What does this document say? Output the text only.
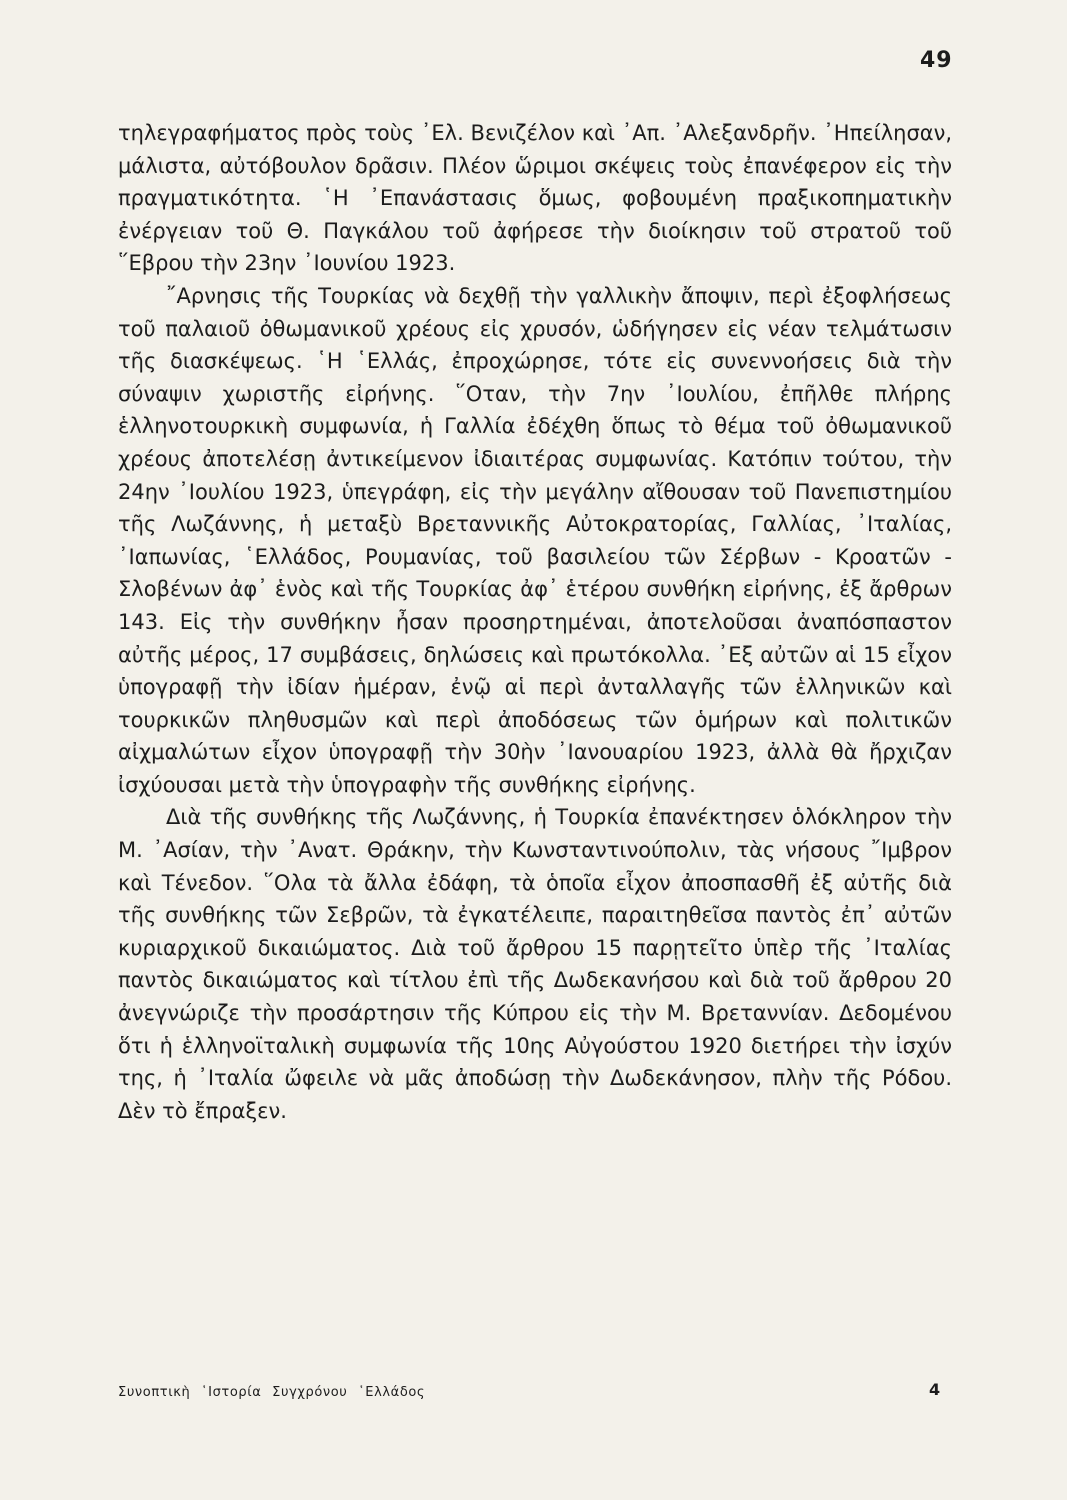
49

τηλεγραφήματος πρὸς τοὺς ᾿Ελ. Βενιζέλον καὶ ᾿Απ. ᾿Αλεξανδρῆν. ᾿Ηπείλησαν, μάλιστα, αὐτόβουλον δρᾶσιν. Πλέον ὥριμοι σκέψεις τοὺς ἐπανέφερον εἰς τὴν πραγματικότητα. ῾Η ᾿Επανάστασις ὅμως, φοβουμένη πραξικοπηματικὴν ἐνέργειαν τοῦ Θ. Παγκάλου τοῦ ἀφήρεσε τὴν διοίκησιν τοῦ στρατοῦ τοῦ ῞Εβρου τὴν 23ην ᾿Ιουνίου 1923.

῎Αρνησις τῆς Τουρκίας νὰ δεχθῇ τὴν γαλλικὴν ἄποψιν, περὶ ἐξοφλήσεως τοῦ παλαιοῦ ὀθωμανικοῦ χρέους εἰς χρυσόν, ὡδήγησεν εἰς νέαν τελμάτωσιν τῆς διασκέψεως. ῾Η ῾Ελλάς, ἐπροχώρησε, τότε εἰς συνεννοήσεις διὰ τὴν σύναψιν χωριστῆς εἰρήνης. ῞Οταν, τὴν 7ην ᾿Ιουλίου, ἐπῆλθε πλήρης ἑλληνοτουρκικὴ συμφωνία, ἡ Γαλλία ἐδέχθη ὅπως τὸ θέμα τοῦ ὀθωμανικοῦ χρέους ἀποτελέσῃ ἀντικείμενον ἰδιαιτέρας συμφωνίας. Κατόπιν τούτου, τὴν 24ην ᾿Ιουλίου 1923, ὑπεγράφη, εἰς τὴν μεγάλην αἴθουσαν τοῦ Πανεπιστημίου τῆς Λωζάννης, ἡ μεταξὺ Βρεταννικῆς Αὐτοκρατορίας, Γαλλίας, ᾿Ιταλίας, ᾿Ιαπωνίας, ῾Ελλάδος, Ρουμανίας, τοῦ βασιλείου τῶν Σέρβων - Κροατῶν - Σλοβένων ἀφ᾿ ἑνὸς καὶ τῆς Τουρκίας ἀφ᾿ ἑτέρου συνθήκη εἰρήνης, ἐξ ἄρθρων 143. Εἰς τὴν συνθήκην ἦσαν προσηρτημέναι, ἀποτελοῦσαι ἀναπόσπαστον αὐτῆς μέρος, 17 συμβάσεις, δηλώσεις καὶ πρωτόκολλα. ᾿Εξ αὐτῶν αἱ 15 εἶχον ὑπογραφῇ τὴν ἰδίαν ἡμέραν, ἐνῷ αἱ περὶ ἀνταλλαγῆς τῶν ἑλληνικῶν καὶ τουρκικῶν πληθυσμῶν καὶ περὶ ἀποδόσεως τῶν ὁμήρων καὶ πολιτικῶν αἰχμαλώτων εἶχον ὑπογραφῇ τὴν 30ὴν ᾿Ιανουαρίου 1923, ἀλλὰ θὰ ἤρχιζαν ἰσχύουσαι μετὰ τὴν ὑπογραφὴν τῆς συνθήκης εἰρήνης.

Διὰ τῆς συνθήκης τῆς Λωζάννης, ἡ Τουρκία ἐπανέκτησεν ὁλόκληρον τὴν Μ. ᾿Ασίαν, τὴν ᾿Ανατ. Θράκην, τὴν Κωνσταντινούπολιν, τὰς νήσους ῎Ιμβρον καὶ Τένεδον. ῞Ολα τὰ ἄλλα ἐδάφη, τὰ ὁποῖα εἶχον ἀποσπασθῆ ἐξ αὐτῆς διὰ τῆς συνθήκης τῶν Σεβρῶν, τὰ ἐγκατέλειπε, παραιτηθεῖσα παντὸς ἐπ᾿ αὐτῶν κυριαρχικοῦ δικαιώματος. Διὰ τοῦ ἄρθρου 15 παρῃτεῖτο ὑπὲρ τῆς ᾿Ιταλίας παντὸς δικαιώματος καὶ τίτλου ἐπὶ τῆς Δωδεκανήσου καὶ διὰ τοῦ ἄρθρου 20 ἀνεγνώριζε τὴν προσάρτησιν τῆς Κύπρου εἰς τὴν Μ. Βρεταννίαν. Δεδομένου ὅτι ἡ ἑλληνοϊταλικὴ συμφωνία τῆς 10ης Αὐγούστου 1920 διετήρει τὴν ἰσχύν της, ἡ ᾿Ιταλία ὤφειλε νὰ μᾶς ἀποδώσῃ τὴν Δωδεκάνησον, πλὴν τῆς Ρόδου. Δὲν τὸ ἔπραξεν.

Συνοπτικὴ ῾Ιστορία Συγχρόνου ῾Ελλάδος	4
